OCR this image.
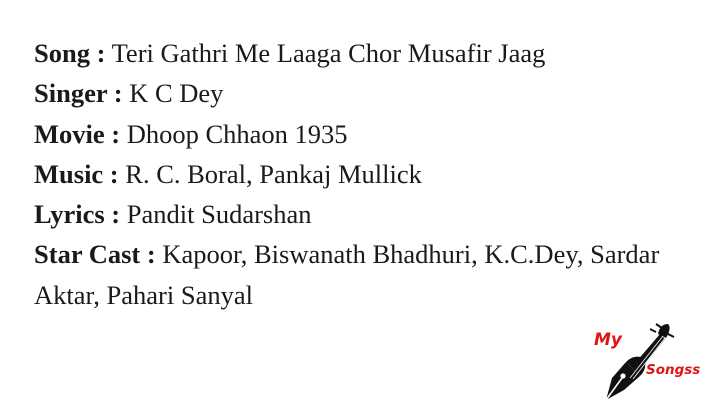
Song : Teri Gathri Me Laaga Chor Musafir Jaag
Singer : K C Dey
Movie : Dhoop Chhaon 1935
Music : R. C. Boral, Pankaj Mullick
Lyrics : Pandit Sudarshan
Star Cast : Kapoor, Biswanath Bhadhuri, K.C.Dey, Sardar Aktar, Pahari Sanyal
My
Songss
